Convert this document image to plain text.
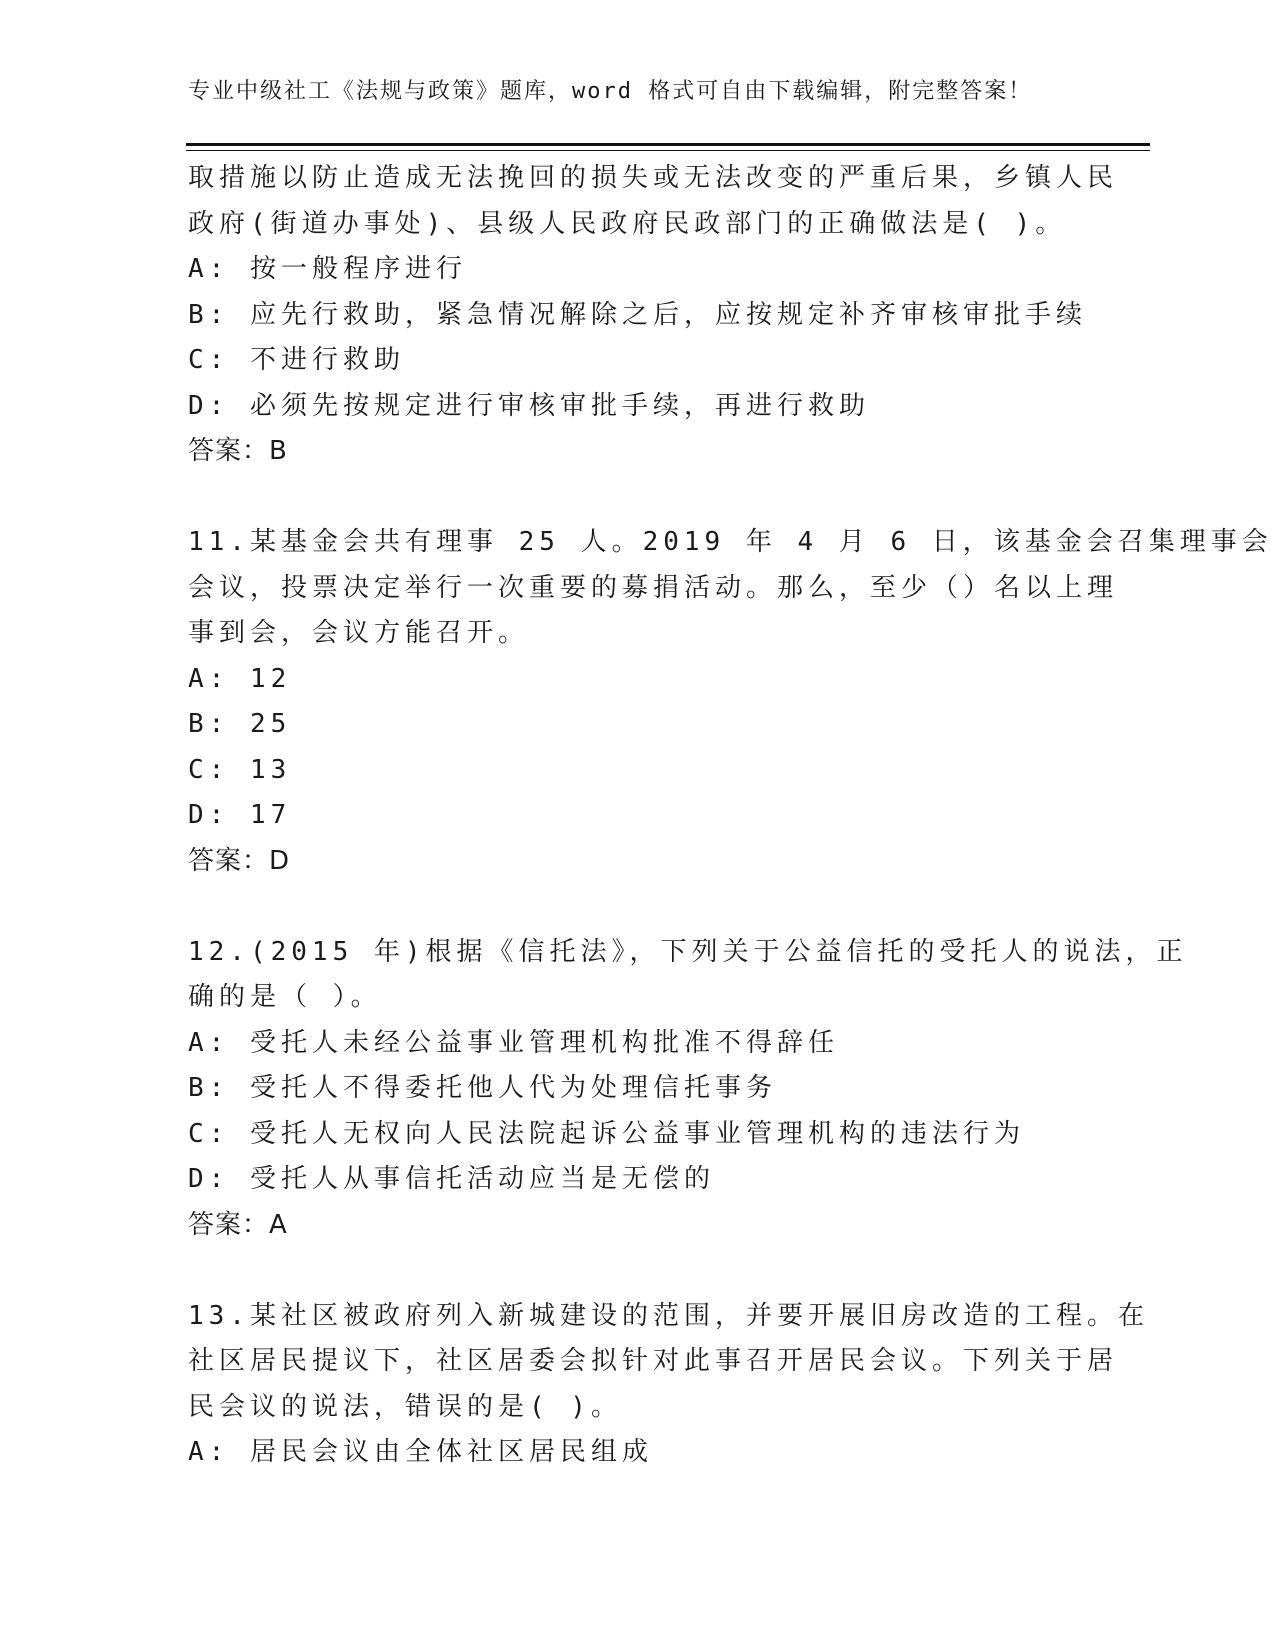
专业中级社工《法规与政策》题库，word 格式可自由下载编辑，附完整答案！
取措施以防止造成无法挽回的损失或无法改变的严重后果，乡镇人民
政府(街道办事处)、县级人民政府民政部门的正确做法是( )。
A: 按一般程序进行
B: 应先行救助，紧急情况解除之后，应按规定补齐审核审批手续
C: 不进行救助
D: 必须先按规定进行审核审批手续，再进行救助
答案：B
11.某基金会共有理事 25 人。2019 年 4 月 6 日，该基金会召集理事会
会议，投票决定举行一次重要的募捐活动。那么，至少（）名以上理
事到会，会议方能召开。
A: 12
B: 25
C: 13
D: 17
答案：D
12.(2015 年)根据《信托法》，下列关于公益信托的受托人的说法，正
确的是（ ）。
A: 受托人未经公益事业管理机构批准不得辞任
B: 受托人不得委托他人代为处理信托事务
C: 受托人无权向人民法院起诉公益事业管理机构的违法行为
D: 受托人从事信托活动应当是无偿的
答案：A
13.某社区被政府列入新城建设的范围，并要开展旧房改造的工程。在
社区居民提议下，社区居委会拟针对此事召开居民会议。下列关于居
民会议的说法，错误的是( )。
A: 居民会议由全体社区居民组成
